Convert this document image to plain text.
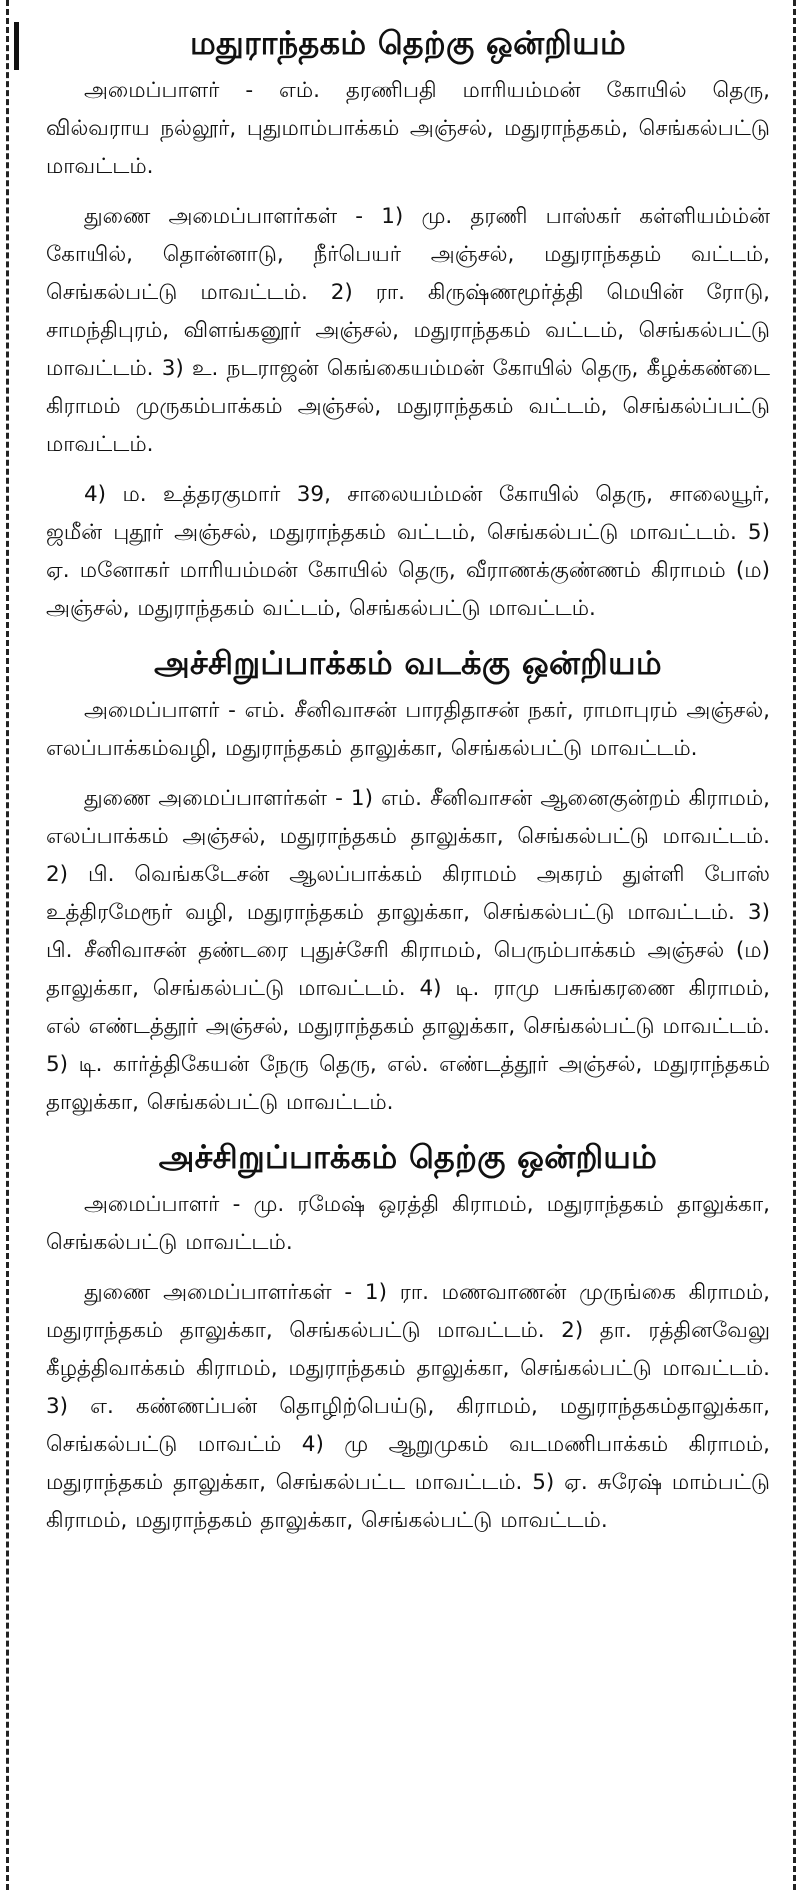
மதுராந்தகம் தெற்கு ஒன்றியம்

அமைப்பாளர் - எம். தரணிபதி மாரியம்மன் கோயில் தெரு, வில்வராய நல்லூர், புதுமாம்பாக்கம் அஞ்சல், மதுராந்தகம், செங்கல்பட்டு மாவட்டம்.

துணை அமைப்பாளர்கள் - 1) மு. தரணி பாஸ்கர் கள்ளியம்ம்ன் கோயில், தொன்னாடு, நீர்பெயர் அஞ்சல், மதுராந்கதம் வட்டம், செங்கல்பட்டு மாவட்டம். 2) ரா. கிருஷ்ணமூர்த்தி மெயின் ரோடு, சாமந்திபுரம், விளங்கனூர் அஞ்சல், மதுராந்தகம் வட்டம், செங்கல்பட்டு மாவட்டம். 3) உ. நடராஜன் கெங்கையம்மன் கோயில் தெரு, கீழக்கண்டை கிராமம் முருகம்பாக்கம் அஞ்சல், மதுராந்தகம் வட்டம், செங்கல்ப்பட்டு மாவட்டம்.

4) ம. உத்தரகுமார் 39, சாலையம்மன் கோயில் தெரு, சாலையூர், ஜமீன் புதூர் அஞ்சல், மதுராந்தகம் வட்டம், செங்கல்பட்டு மாவட்டம். 5) ஏ. மனோகர் மாரியம்மன் கோயில் தெரு, வீராணக்குண்ணம் கிராமம் (ம) அஞ்சல், மதுராந்தகம் வட்டம், செங்கல்பட்டு மாவட்டம்.

அச்சிறுப்பாக்கம் வடக்கு ஒன்றியம்

அமைப்பாளர் - எம். சீனிவாசன் பாரதிதாசன் நகர், ராமாபுரம் அஞ்சல், எலப்பாக்கம்வழி, மதுராந்தகம் தாலுக்கா, செங்கல்பட்டு மாவட்டம்.

துணை அமைப்பாளர்கள் - 1) எம். சீனிவாசன் ஆனைகுன்றம் கிராமம், எலப்பாக்கம் அஞ்சல், மதுராந்தகம் தாலுக்கா, செங்கல்பட்டு மாவட்டம். 2) பி. வெங்கடேசன் ஆலப்பாக்கம் கிராமம் அகரம் துள்ளி போஸ் உத்திரமேரூர் வழி, மதுராந்தகம் தாலுக்கா, செங்கல்பட்டு மாவட்டம். 3) பி. சீனிவாசன் தண்டரை புதுச்சேரி கிராமம், பெரும்பாக்கம் அஞ்சல் (ம) தாலுக்கா, செங்கல்பட்டு மாவட்டம். 4) டி. ராமு பசுங்கரணை கிராமம், எல் எண்டத்தூர் அஞ்சல், மதுராந்தகம் தாலுக்கா, செங்கல்பட்டு மாவட்டம். 5) டி. கார்த்திகேயன் நேரு தெரு, எல். எண்டத்தூர் அஞ்சல், மதுராந்தகம் தாலுக்கா, செங்கல்பட்டு மாவட்டம்.

அச்சிறுப்பாக்கம் தெற்கு ஒன்றியம்

அமைப்பாளர் - மு. ரமேஷ் ஒரத்தி கிராமம், மதுராந்தகம் தாலுக்கா, செங்கல்பட்டு மாவட்டம்.

துணை அமைப்பாளர்கள் - 1) ரா. மணவாணன் முருங்கை கிராமம், மதுராந்தகம் தாலுக்கா, செங்கல்பட்டு மாவட்டம். 2) தா. ரத்தினவேலு கீழத்திவாக்கம் கிராமம், மதுராந்தகம் தாலுக்கா, செங்கல்பட்டு மாவட்டம். 3) எ. கண்ணப்பன் தொழிற்பெய்டு, கிராமம், மதுராந்தகம்தாலுக்கா, செங்கல்பட்டு மாவட்ம் 4) மு ஆறுமுகம் வடமணிபாக்கம் கிராமம், மதுராந்தகம் தாலுக்கா, செங்கல்பட்ட மாவட்டம். 5) ஏ. சுரேஷ் மாம்பட்டு கிராமம், மதுராந்தகம் தாலுக்கா, செங்கல்பட்டு மாவட்டம்.
